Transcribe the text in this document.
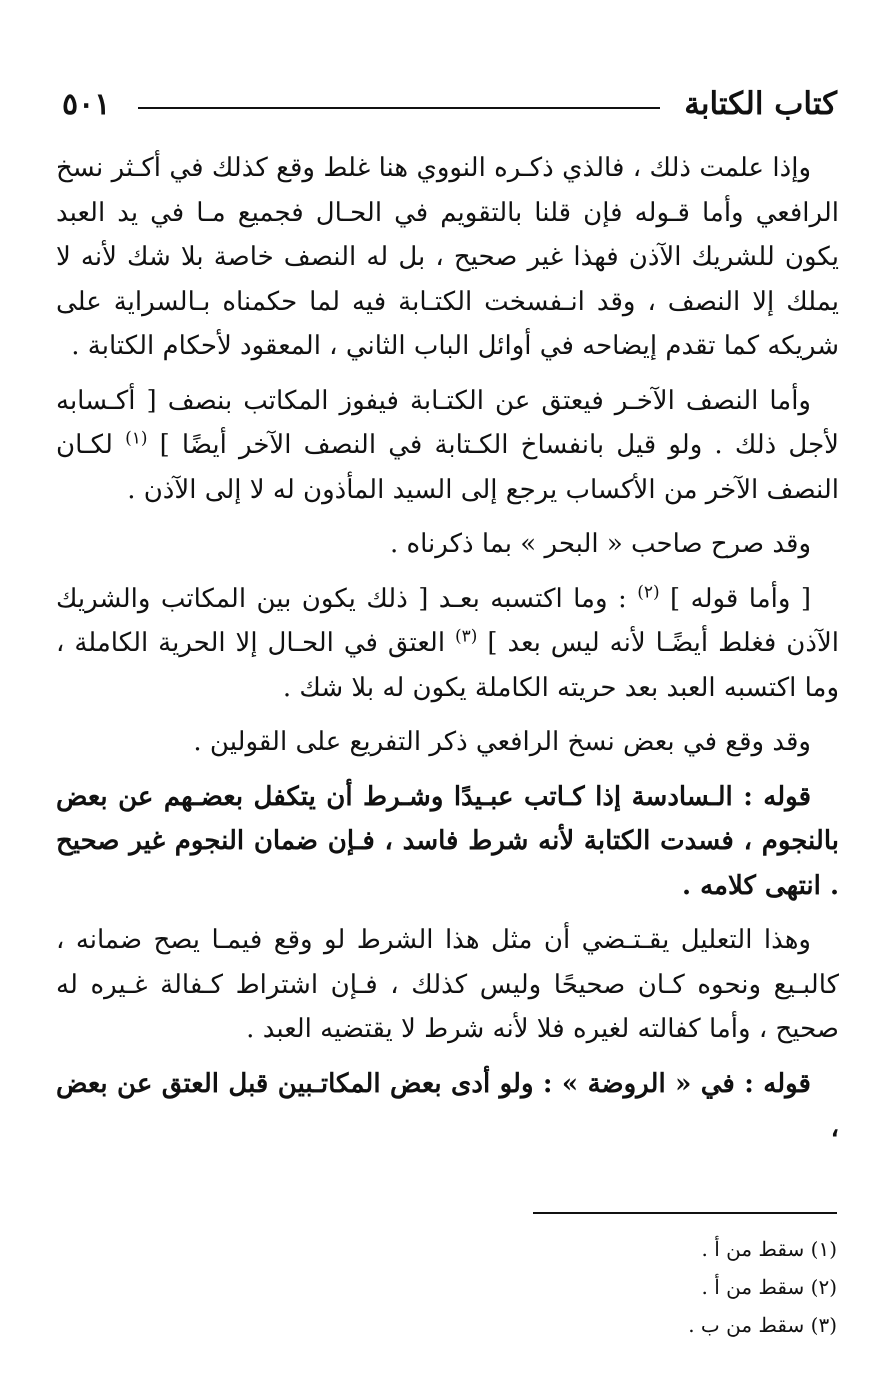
كتاب الكتابة
٥٠١

وإذا علمت ذلك ، فالذي ذكـره النووي هنا غلط وقع كذلك في أكـثر نسخ الرافعي وأما قـوله فإن قلنا بالتقويم في الحـال فجميع مـا في يد العبد يكون للشريك الآذن فهذا غير صحيح ، بل له النصف خاصة بلا شك لأنه لا يملك إلا النصف ، وقد انـفسخت الكتـابة فيه لما حكمناه بـالسراية على شريكه كما تقدم إيضاحه في أوائل الباب الثاني ، المعقود لأحكام الكتابة .

وأما النصف الآخـر فيعتق عن الكتـابة فيفوز المكاتب بنصف [ أكـسابه لأجل ذلك . ولو قيل بانفساخ الكـتابة في النصف الآخر أيضًا ] $^{(١)}$ لكـان النصف الآخر من الأكساب يرجع إلى السيد المأذون له لا إلى الآذن .

وقد صرح صاحب « البحر » بما ذكرناه .

[ وأما قوله ] $^{(٢)}$ : وما اكتسبه بعـد [ ذلك يكون بين المكاتب والشريك الآذن فغلط أيضًـا لأنه ليس بعد ] $^{(٣)}$ العتق في الحـال إلا الحرية الكاملة ، وما اكتسبه العبد بعد حريته الكاملة يكون له بلا شك .

وقد وقع في بعض نسخ الرافعي ذكر التفريع على القولين .

قوله : الـسادسة إذا كـاتب عبـيدًا وشـرط أن يتكفل بعضـهم عن بعض بالنجوم ، فسدت الكتابة لأنه شرط فاسد ، فـإن ضمان النجوم غير صحيح . انتهى كلامه .

وهذا التعليل يقـتـضي أن مثل هذا الشرط لو وقع فيمـا يصح ضمانه ، كالبـيع ونحوه كـان صحيحًا وليس كذلك ، فـإن اشتراط كـفالة غـيره له صحيح ، وأما كفالته لغيره فلا لأنه شرط لا يقتضيه العبد .

قوله : في « الروضة » : ولو أدى بعض المكاتـبين قبل العتق عن بعض ،

(١) سقط من أ .
(٢) سقط من أ .
(٣) سقط من ب .
